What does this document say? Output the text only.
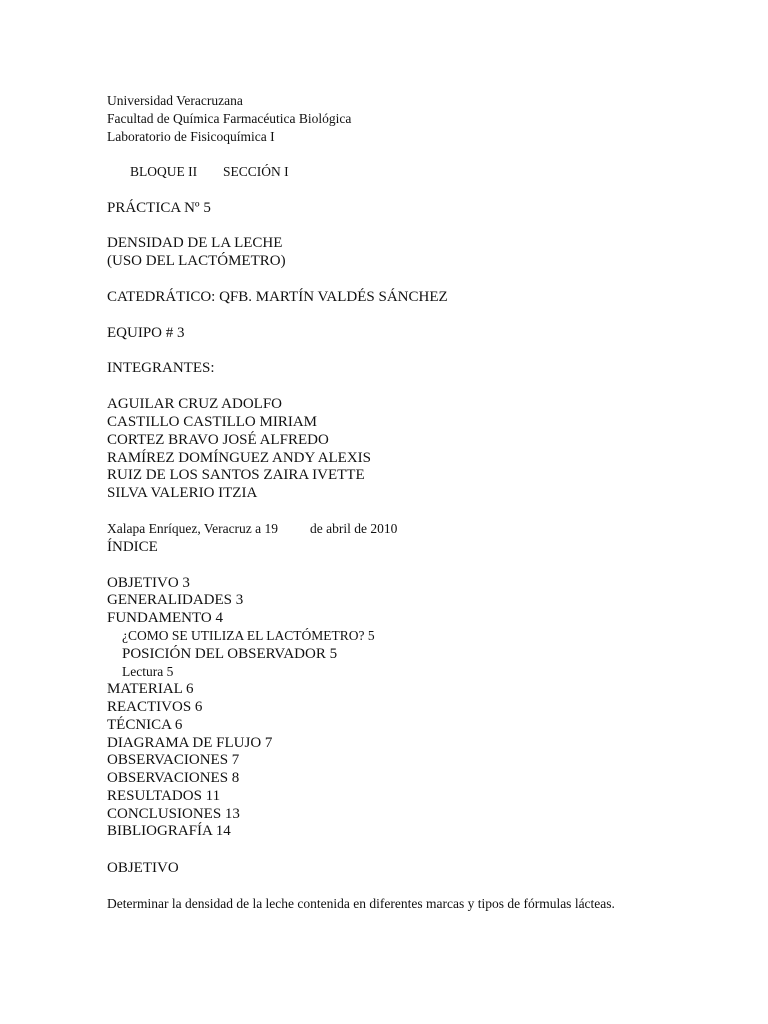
Universidad Veracruzana
Facultad de Química Farmacéutica Biológica
Laboratorio de Fisicoquímica I
BLOQUE II SECCIÓN I
PRÁCTICA Nº 5
DENSIDAD DE LA LECHE
(USO DEL LACTÓMETRO)
CATEDRÁTICO: QFB. MARTÍN VALDÉS SÁNCHEZ
EQUIPO # 3
INTEGRANTES:
AGUILAR CRUZ ADOLFO
CASTILLO CASTILLO MIRIAM
CORTEZ BRAVO JOSÉ ALFREDO
RAMÍREZ DOMÍNGUEZ ANDY ALEXIS
RUIZ DE LOS SANTOS ZAIRA IVETTE
SILVA VALERIO ITZIA
Xalapa Enríquez, Veracruz a 19 de abril de 2010
ÍNDICE
OBJETIVO 3
GENERALIDADES 3
FUNDAMENTO 4
¿COMO SE UTILIZA EL LACTÓMETRO? 5
POSICIÓN DEL OBSERVADOR 5
Lectura 5
MATERIAL 6
REACTIVOS 6
TÉCNICA 6
DIAGRAMA DE FLUJO 7
OBSERVACIONES 7
OBSERVACIONES 8
RESULTADOS 11
CONCLUSIONES 13
BIBLIOGRAFÍA 14
OBJETIVO
Determinar la densidad de la leche contenida en diferentes marcas y tipos de fórmulas lácteas.
